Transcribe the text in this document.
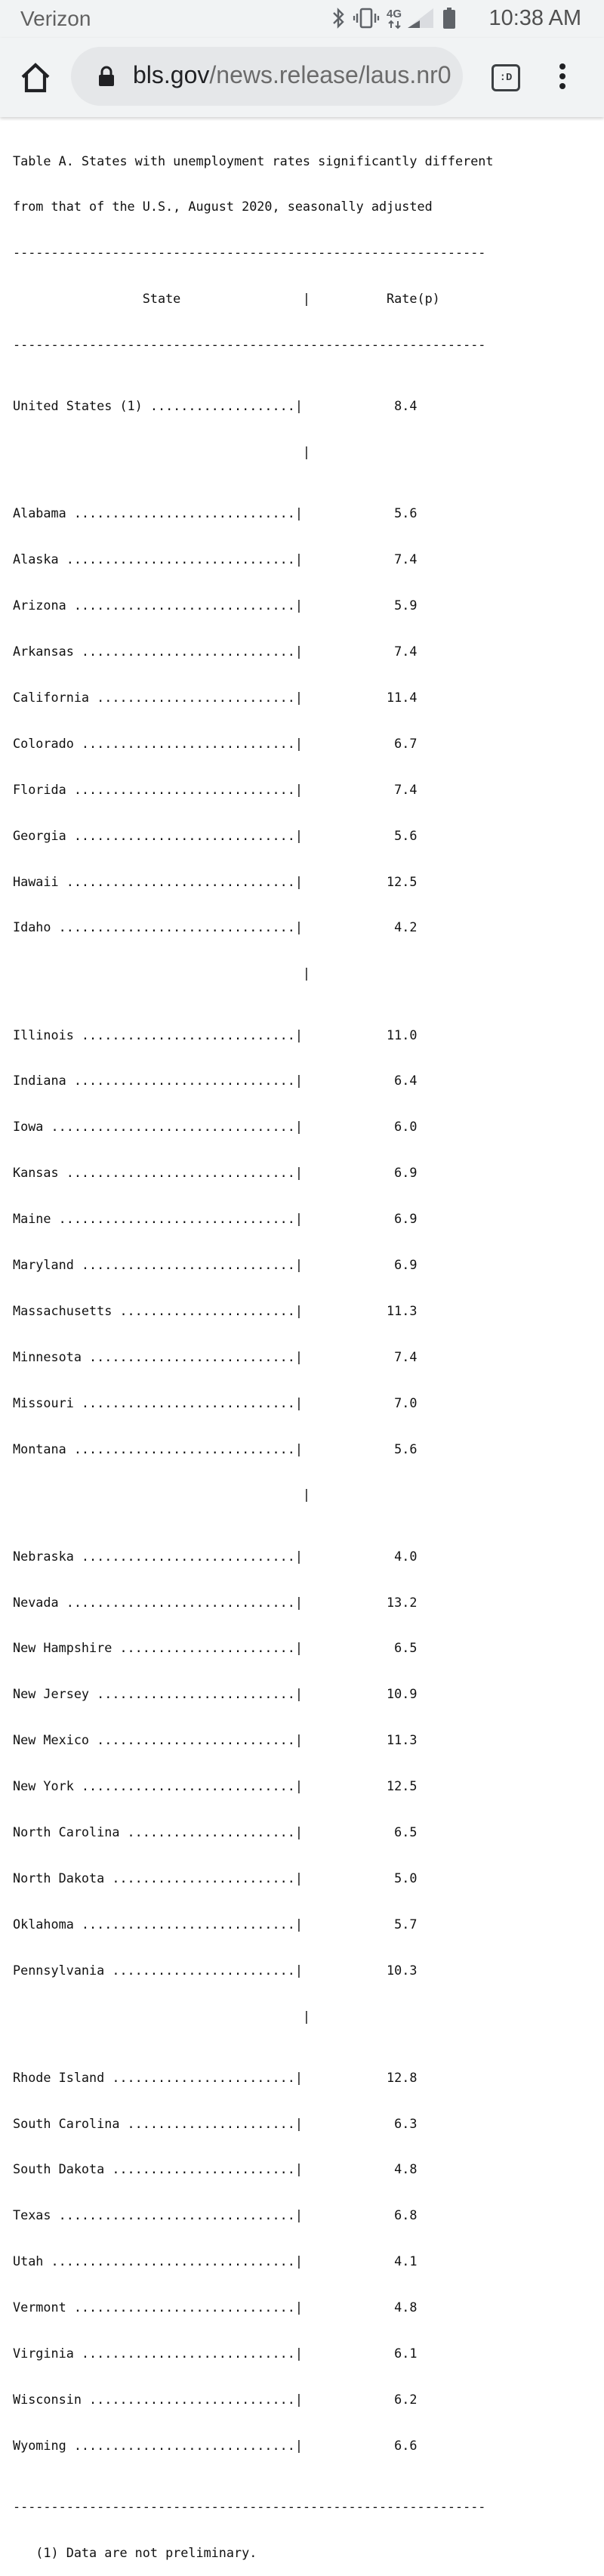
Verizon	4G	10:38 AM
bls.gov/news.release/laus.nr0	:D

Table A. States with unemployment rates significantly different

from that of the U.S., August 2020, seasonally adjusted

--------------------------------------------------------------

State                |          Rate(p)

--------------------------------------------------------------

United States (1) ...................|            8.4

|

Alabama .............................|            5.6

Alaska ..............................|            7.4

Arizona .............................|            5.9

Arkansas ............................|            7.4

California ..........................|           11.4

Colorado ............................|            6.7

Florida .............................|            7.4

Georgia .............................|            5.6

Hawaii ..............................|           12.5

Idaho ...............................|            4.2

|

Illinois ............................|           11.0

Indiana .............................|            6.4

Iowa ................................|            6.0

Kansas ..............................|            6.9

Maine ...............................|            6.9

Maryland ............................|            6.9

Massachusetts .......................|           11.3

Minnesota ...........................|            7.4

Missouri ............................|            7.0

Montana .............................|            5.6

|

Nebraska ............................|            4.0

Nevada ..............................|           13.2

New Hampshire .......................|            6.5

New Jersey ..........................|           10.9

New Mexico ..........................|           11.3

New York ............................|           12.5

North Carolina ......................|            6.5

North Dakota ........................|            5.0

Oklahoma ............................|            5.7

Pennsylvania ........................|           10.3

|

Rhode Island ........................|           12.8

South Carolina ......................|            6.3

South Dakota ........................|            4.8

Texas ...............................|            6.8

Utah ................................|            4.1

Vermont .............................|            4.8

Virginia ............................|            6.1

Wisconsin ...........................|            6.2

Wyoming .............................|            6.6

--------------------------------------------------------------

(1) Data are not preliminary.
